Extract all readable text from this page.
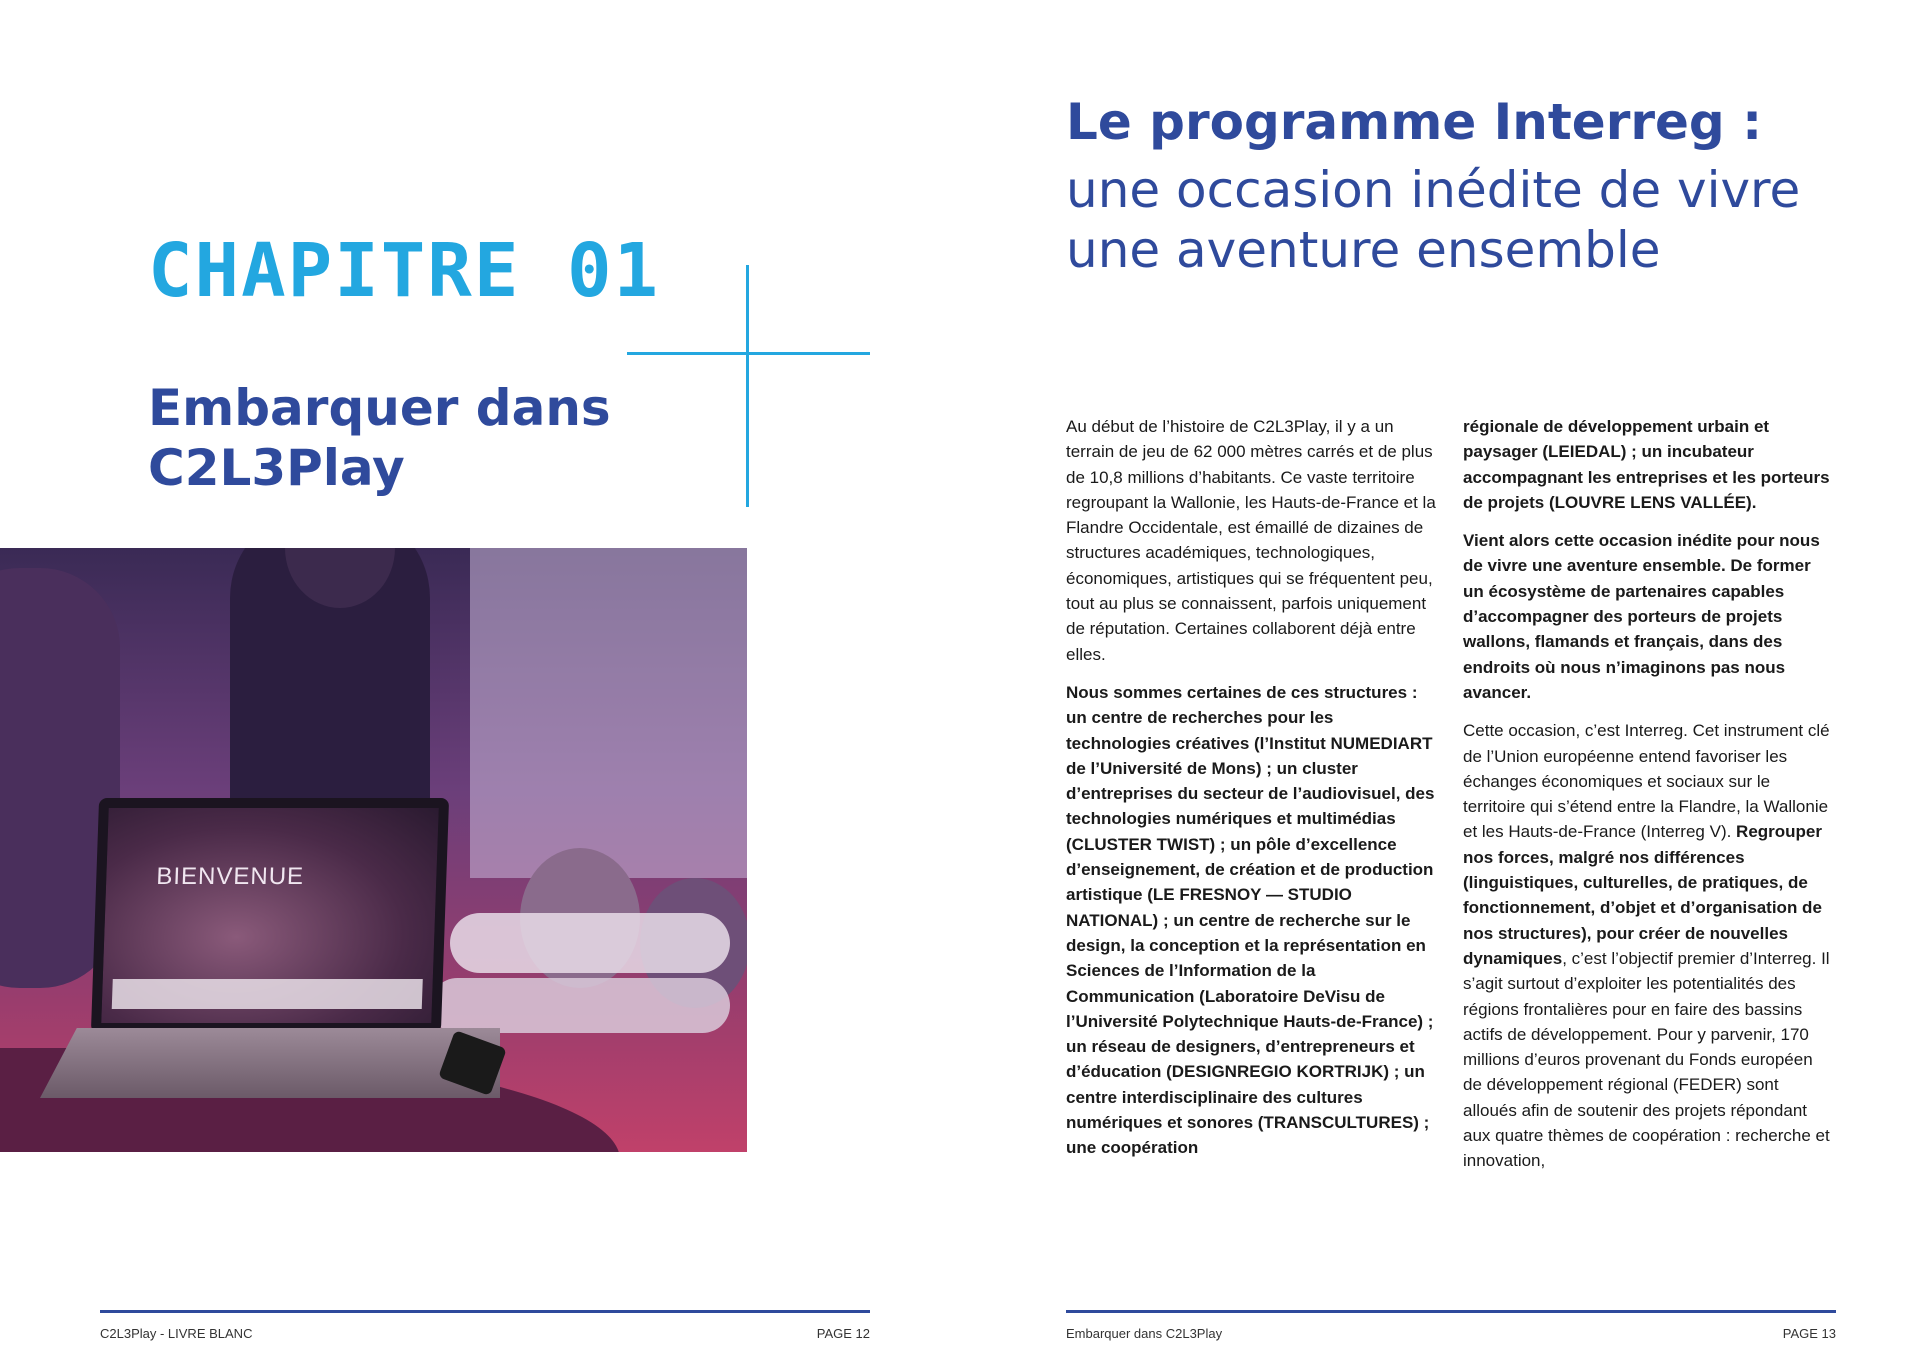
CHAPITRE 01
Embarquer dans C2L3Play
BIENVENUE
C2L3Play - LIVRE BLANC	PAGE 12
Le programme Interreg :
une occasion inédite de vivre une aventure ensemble

Au début de l’histoire de C2L3Play, il y a un terrain de jeu de 62 000 mètres carrés et de plus de 10,8 millions d’habitants. Ce vaste territoire regroupant la Wallonie, les Hauts-de-France et la Flandre Occidentale, est émaillé de dizaines de structures académiques, technologiques, économiques, artistiques qui se fréquentent peu, tout au plus se connaissent, parfois uniquement de réputation. Certaines collaborent déjà entre elles.

Nous sommes certaines de ces structures : un centre de recherches pour les technologies créatives (l’Institut NUMEDIART de l’Université de Mons) ; un cluster d’entreprises du secteur de l’audiovisuel, des technologies numériques et multimédias (CLUSTER TWIST) ; un pôle d’excellence d’enseignement, de création et de production artistique (LE FRESNOY — STUDIO NATIONAL) ; un centre de recherche sur le design, la conception et la représentation en Sciences de l’Information de la Communication (Laboratoire DeVisu de l’Université Polytechnique Hauts-de-France) ; un réseau de designers, d’entrepreneurs et d’éducation (DESIGNREGIO KORTRIJK) ; un centre interdisciplinaire des cultures numériques et sonores (TRANSCULTURES) ; une coopération

régionale de développement urbain et paysager (LEIEDAL) ; un incubateur accompagnant les entreprises et les porteurs de projets (LOUVRE LENS VALLÉE).

Vient alors cette occasion inédite pour nous de vivre une aventure ensemble. De former un écosystème de partenaires capables d’accompagner des porteurs de projets wallons, flamands et français, dans des endroits où nous n’imaginons pas nous avancer.

Cette occasion, c’est Interreg. Cet instrument clé de l’Union européenne entend favoriser les échanges économiques et sociaux sur le territoire qui s’étend entre la Flandre, la Wallonie et les Hauts-de-France (Interreg V). Regrouper nos forces, malgré nos différences (linguistiques, culturelles, de pratiques, de fonctionnement, d’objet et d’organisation de nos structures), pour créer de nouvelles dynamiques, c’est l’objectif premier d’Interreg. Il s’agit surtout d’exploiter les potentialités des régions frontalières pour en faire des bassins actifs de développement. Pour y parvenir, 170 millions d’euros provenant du Fonds européen de développement régional (FEDER) sont alloués afin de soutenir des projets répondant aux quatre thèmes de coopération : recherche et innovation,

Embarquer dans C2L3Play	PAGE 13
